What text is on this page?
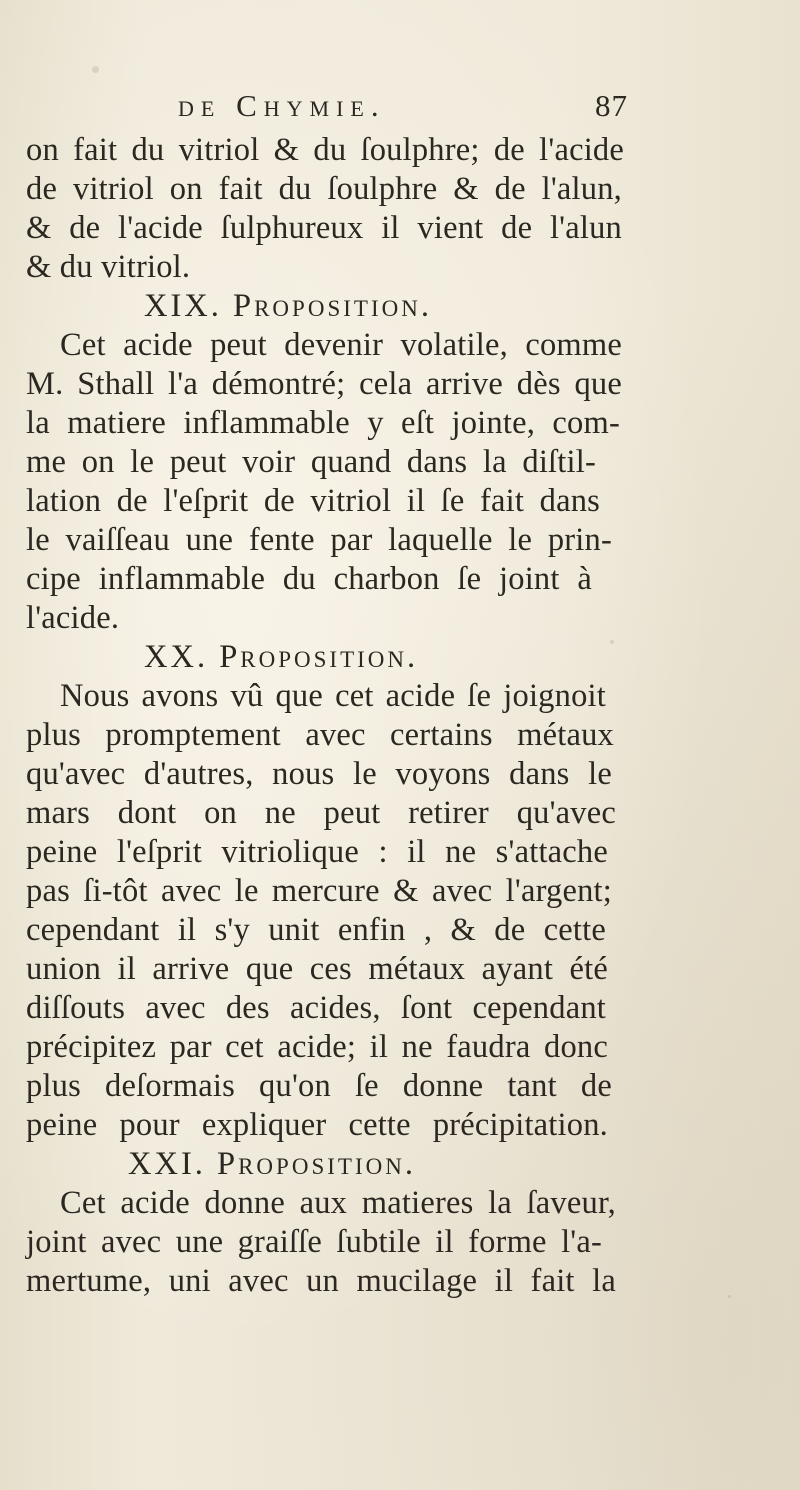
de Chymie.	87
on fait du vitriol & du ſoulphre; de l'acide
de vitriol on fait du ſoulphre & de l'alun,
& de l'acide ſulphureux il vient de l'alun
& du vitriol.
XIX. Proposition.
Cet acide peut devenir volatile, comme
M. Sthall l'a démontré; cela arrive dès que
la matiere inflammable y eſt jointe, com-
me on le peut voir quand dans la diſtil-
lation de l'eſprit de vitriol il ſe fait dans
le vaiſſeau une fente par laquelle le prin-
cipe inflammable du charbon ſe joint à
l'acide.
XX. Proposition.
Nous avons vû que cet acide ſe joignoit
plus promptement avec certains métaux
qu'avec d'autres, nous le voyons dans le
mars dont on ne peut retirer qu'avec
peine l'eſprit vitriolique : il ne s'attache
pas ſi-tôt avec le mercure & avec l'argent;
cependant il s'y unit enfin , & de cette
union il arrive que ces métaux ayant été
diſſouts avec des acides, ſont cependant
précipitez par cet acide; il ne faudra donc
plus deſormais qu'on ſe donne tant de
peine pour expliquer cette précipitation.
XXI. Proposition.
Cet acide donne aux matieres la ſaveur,
joint avec une graiſſe ſubtile il forme l'a-
mertume, uni avec un mucilage il fait la
